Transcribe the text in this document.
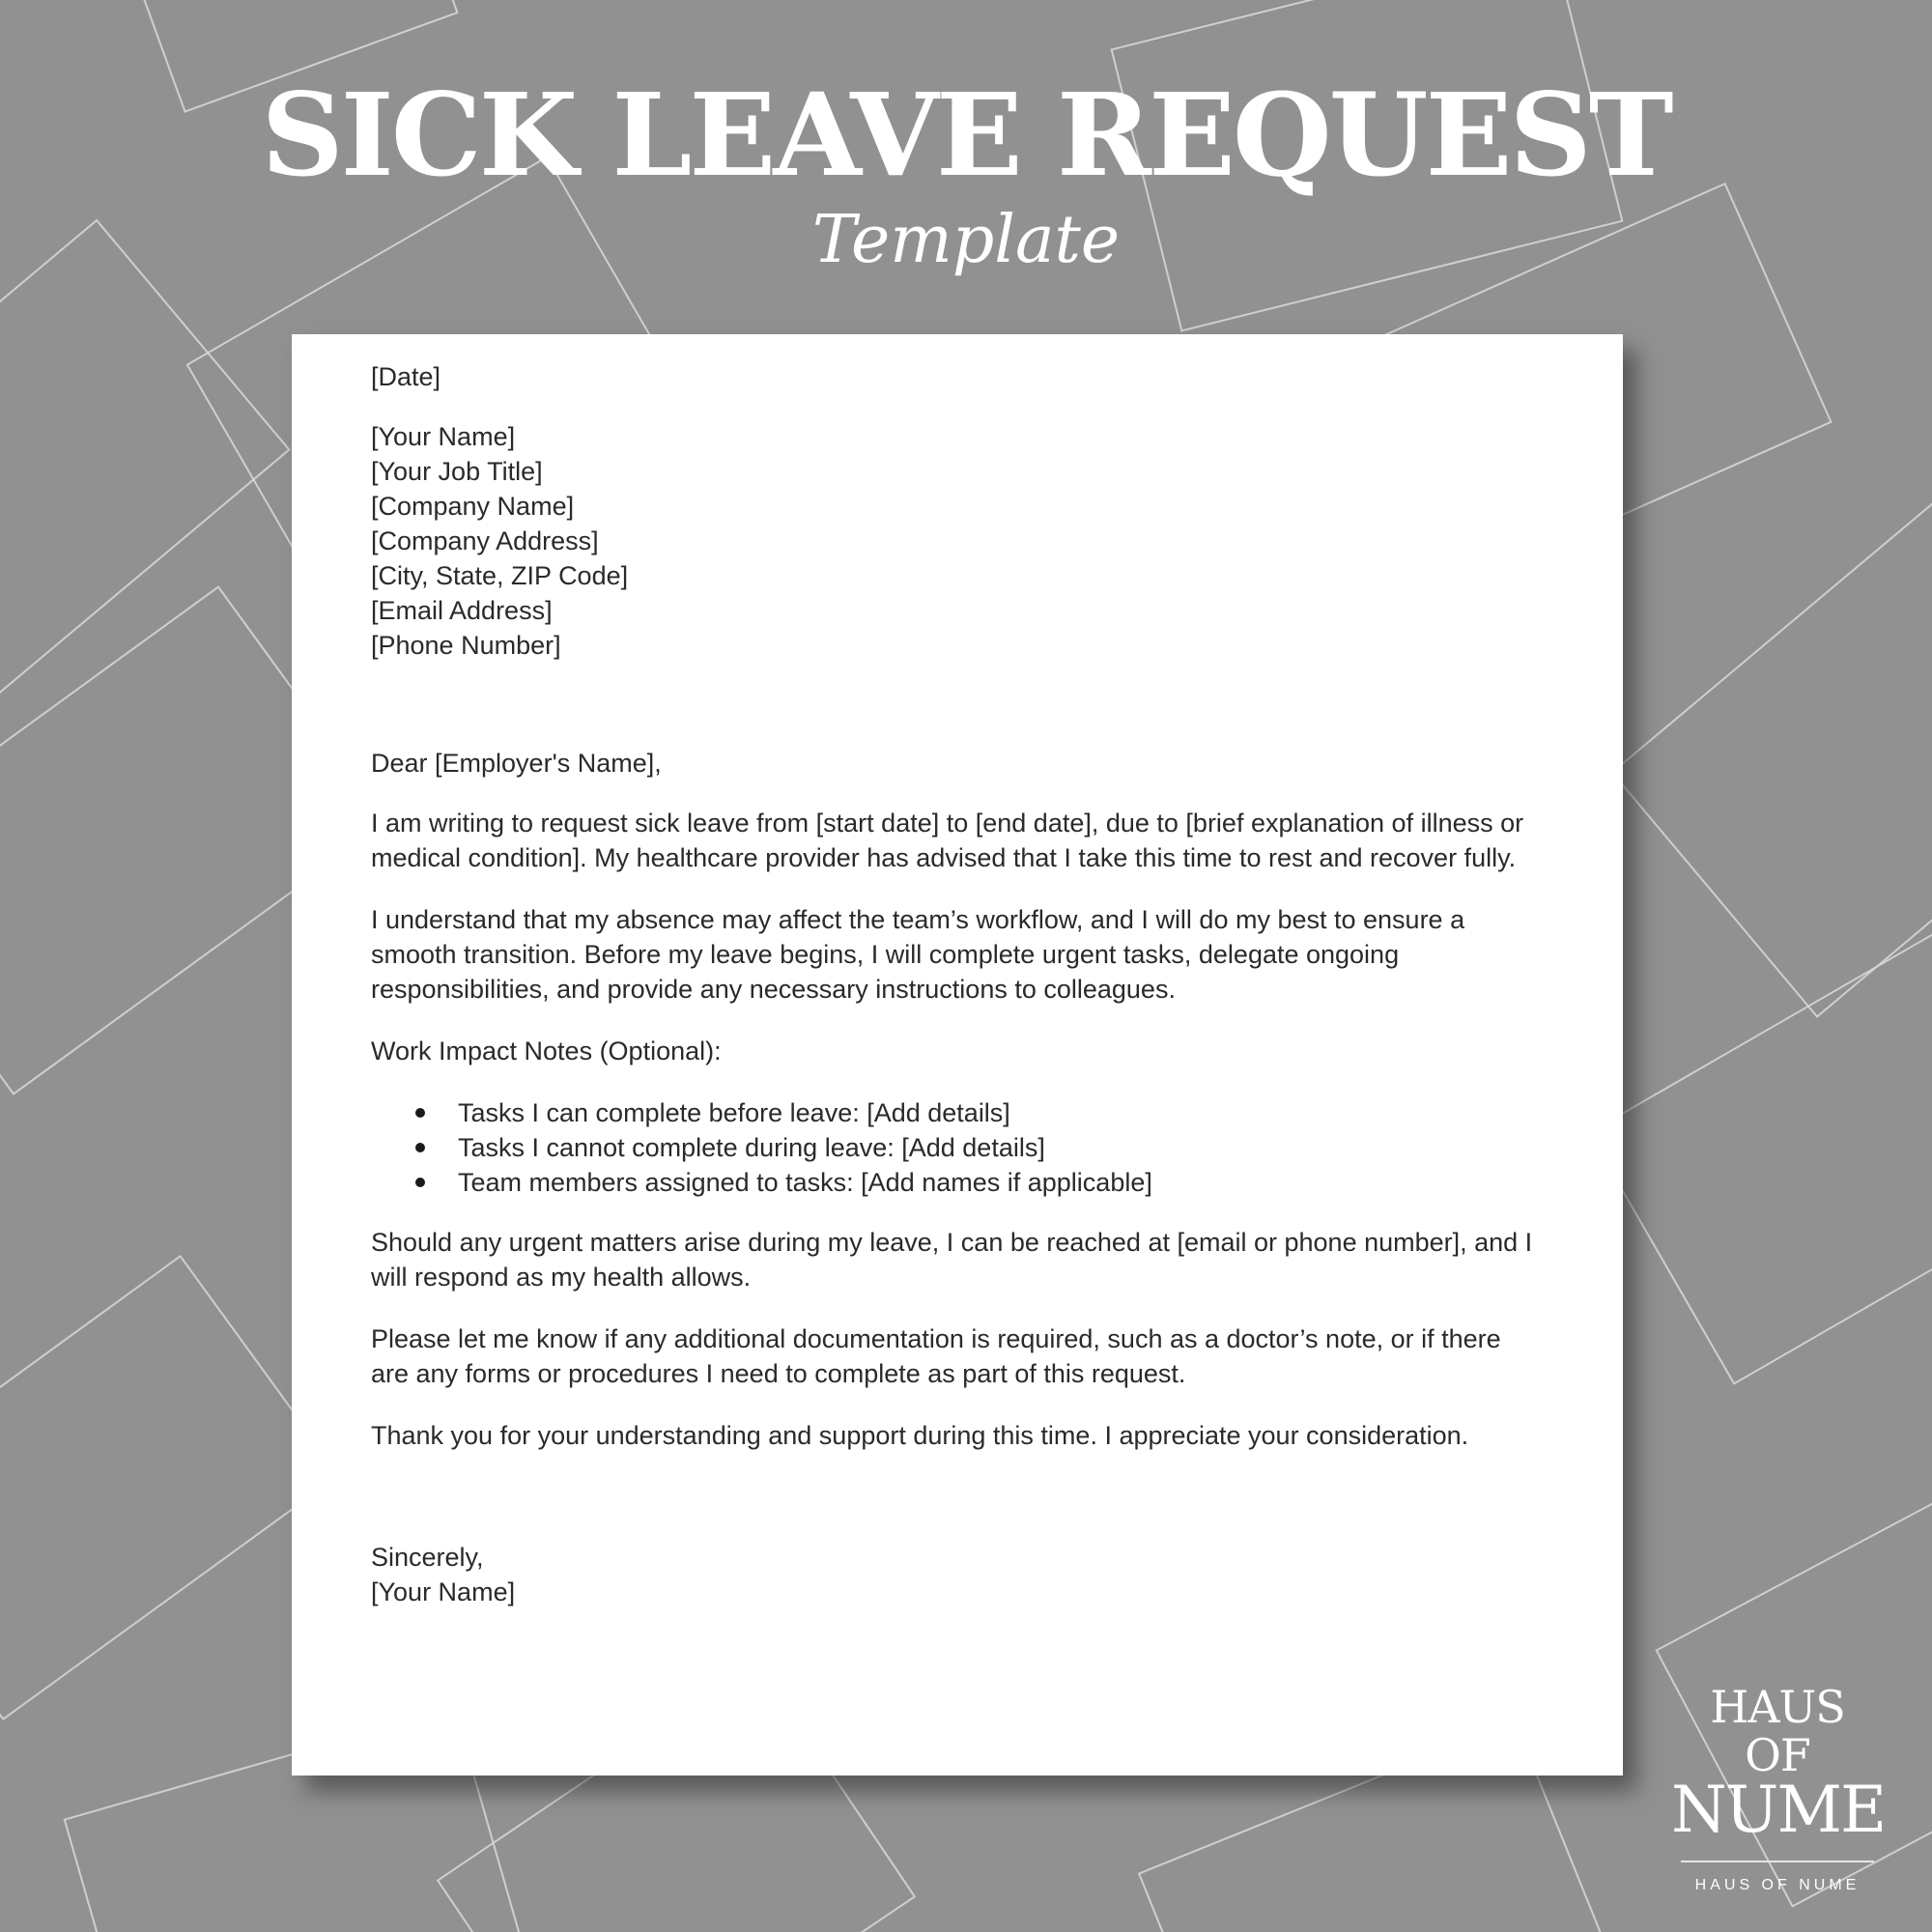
SICK LEAVE REQUEST
Template
[Date]
[Your Name]
[Your Job Title]
[Company Name]
[Company Address]
[City, State, ZIP Code]
[Email Address]
[Phone Number]

Dear [Employer's Name],

I am writing to request sick leave from [start date] to [end date], due to [brief explanation of illness or medical condition]. My healthcare provider has advised that I take this time to rest and recover fully.

I understand that my absence may affect the team’s workflow, and I will do my best to ensure a smooth transition. Before my leave begins, I will complete urgent tasks, delegate ongoing responsibilities, and provide any necessary instructions to colleagues.

Work Impact Notes (Optional):

Tasks I can complete before leave: [Add details]
Tasks I cannot complete during leave: [Add details]
Team members assigned to tasks: [Add names if applicable]

Should any urgent matters arise during my leave, I can be reached at [email or phone number], and I will respond as my health allows.

Please let me know if any additional documentation is required, such as a doctor’s note, or if there are any forms or procedures I need to complete as part of this request.

Thank you for your understanding and support during this time. I appreciate your consideration.

Sincerely,
[Your Name]
HAUS OF
NUME
HAUS OF NUME
